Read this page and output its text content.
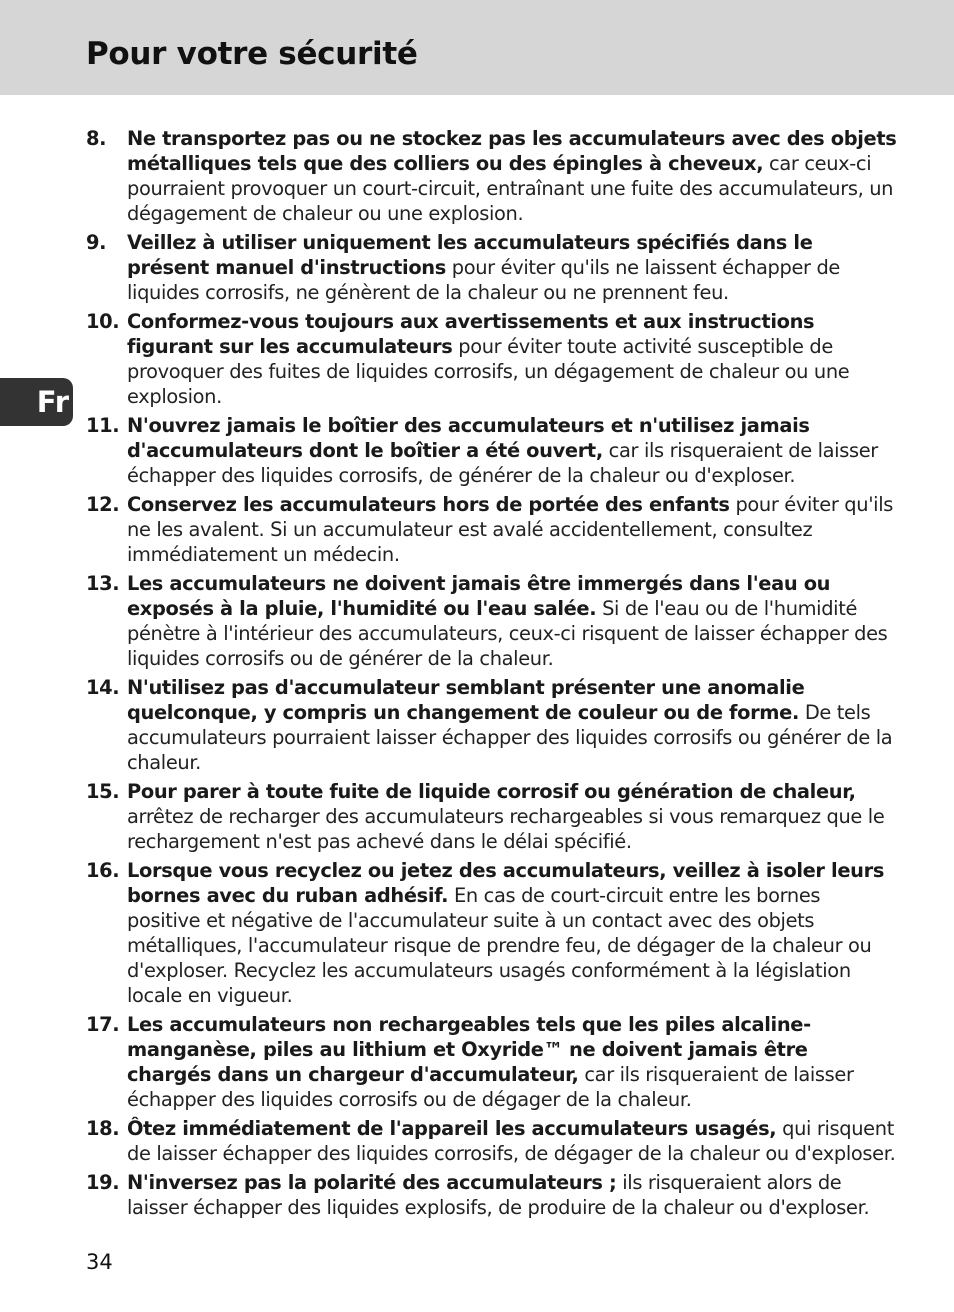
Pour votre sécurité
Fr
8. Ne transportez pas ou ne stockez pas les accumulateurs avec des objets métalliques tels que des colliers ou des épingles à cheveux, car ceux-ci pourraient provoquer un court-circuit, entraînant une fuite des accumulateurs, un dégagement de chaleur ou une explosion.
9. Veillez à utiliser uniquement les accumulateurs spécifiés dans le présent manuel d'instructions pour éviter qu'ils ne laissent échapper de liquides corrosifs, ne génèrent de la chaleur ou ne prennent feu.
10. Conformez-vous toujours aux avertissements et aux instructions figurant sur les accumulateurs pour éviter toute activité susceptible de provoquer des fuites de liquides corrosifs, un dégagement de chaleur ou une explosion.
11. N'ouvrez jamais le boîtier des accumulateurs et n'utilisez jamais d'accumulateurs dont le boîtier a été ouvert, car ils risqueraient de laisser échapper des liquides corrosifs, de générer de la chaleur ou d'exploser.
12. Conservez les accumulateurs hors de portée des enfants pour éviter qu'ils ne les avalent. Si un accumulateur est avalé accidentellement, consultez immédiatement un médecin.
13. Les accumulateurs ne doivent jamais être immergés dans l'eau ou exposés à la pluie, l'humidité ou l'eau salée. Si de l'eau ou de l'humidité pénètre à l'intérieur des accumulateurs, ceux-ci risquent de laisser échapper des liquides corrosifs ou de générer de la chaleur.
14. N'utilisez pas d'accumulateur semblant présenter une anomalie quelconque, y compris un changement de couleur ou de forme. De tels accumulateurs pourraient laisser échapper des liquides corrosifs ou générer de la chaleur.
15. Pour parer à toute fuite de liquide corrosif ou génération de chaleur, arrêtez de recharger des accumulateurs rechargeables si vous remarquez que le rechargement n'est pas achevé dans le délai spécifié.
16. Lorsque vous recyclez ou jetez des accumulateurs, veillez à isoler leurs bornes avec du ruban adhésif. En cas de court-circuit entre les bornes positive et négative de l'accumulateur suite à un contact avec des objets métalliques, l'accumulateur risque de prendre feu, de dégager de la chaleur ou d'exploser. Recyclez les accumulateurs usagés conformément à la législation locale en vigueur.
17. Les accumulateurs non rechargeables tels que les piles alcaline-manganèse, piles au lithium et Oxyride™ ne doivent jamais être chargés dans un chargeur d'accumulateur, car ils risqueraient de laisser échapper des liquides corrosifs ou de dégager de la chaleur.
18. Ôtez immédiatement de l'appareil les accumulateurs usagés, qui risquent de laisser échapper des liquides corrosifs, de dégager de la chaleur ou d'exploser.
19. N'inversez pas la polarité des accumulateurs ; ils risqueraient alors de laisser échapper des liquides explosifs, de produire de la chaleur ou d'exploser.
34
